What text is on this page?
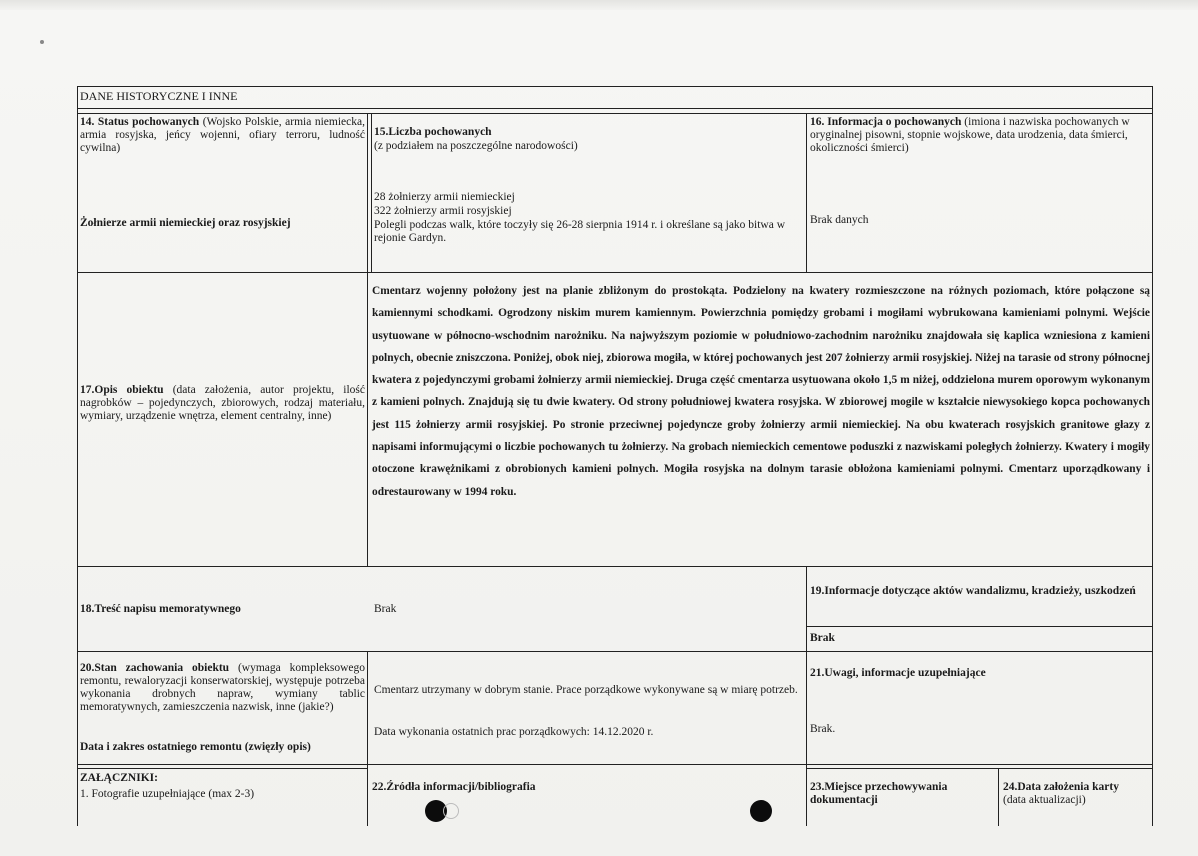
DANE HISTORYCZNE I INNE
14. Status pochowanych (Wojsko Polskie, armia niemiecka, armia rosyjska, jeńcy wojenni, ofiary terroru, ludność cywilna)
Żołnierze armii niemieckiej oraz rosyjskiej
15.Liczba pochowanych
(z podziałem na poszczególne narodowości)
28 żołnierzy armii niemieckiej
322 żołnierzy armii rosyjskiej
Polegli podczas walk, które toczyły się 26-28 sierpnia 1914 r. i określane są jako bitwa w rejonie Gardyn.
16. Informacja o pochowanych (imiona i nazwiska pochowanych w oryginalnej pisowni, stopnie wojskowe, data urodzenia, data śmierci, okoliczności śmierci)
Brak danych
17.Opis obiektu (data założenia, autor projektu, ilość nagrobków – pojedynczych, zbiorowych, rodzaj materiału, wymiary, urządzenie wnętrza, element centralny, inne)
Cmentarz wojenny położony jest na planie zbliżonym do prostokąta. Podzielony na kwatery rozmieszczone na różnych poziomach, które połączone są kamiennymi schodkami. Ogrodzony niskim murem kamiennym. Powierzchnia pomiędzy grobami i mogiłami wybrukowana kamieniami polnymi. Wejście usytuowane w północno-wschodnim narożniku. Na najwyższym poziomie w południowo-zachodnim narożniku znajdowała się kaplica wzniesiona z kamieni polnych, obecnie zniszczona. Poniżej, obok niej, zbiorowa mogiła, w której pochowanych jest 207 żołnierzy armii rosyjskiej. Niżej na tarasie od strony północnej kwatera z pojedynczymi grobami żołnierzy armii niemieckiej. Druga część cmentarza usytuowana około 1,5 m niżej, oddzielona murem oporowym wykonanym z kamieni polnych. Znajdują się tu dwie kwatery. Od strony południowej kwatera rosyjska. W zbiorowej mogile w kształcie niewysokiego kopca pochowanych jest 115 żołnierzy armii rosyjskiej. Po stronie przeciwnej pojedyncze groby żołnierzy armii niemieckiej. Na obu kwaterach rosyjskich granitowe głazy z napisami informującymi o liczbie pochowanych tu żołnierzy. Na grobach niemieckich cementowe poduszki z nazwiskami poległych żołnierzy. Kwatery i mogiły otoczone krawężnikami z obrobionych kamieni polnych. Mogiła rosyjska na dolnym tarasie obłożona kamieniami polnymi. Cmentarz uporządkowany i odrestaurowany w 1994 roku.
18.Treść napisu memoratywnego	Brak
19.Informacje dotyczące aktów wandalizmu, kradzieży, uszkodzeń
Brak
20.Stan zachowania obiektu (wymaga kompleksowego remontu, rewaloryzacji konserwatorskiej, występuje potrzeba wykonania drobnych napraw, wymiany tablic memoratywnych, zamieszczenia nazwisk, inne (jakie?)
Data i zakres ostatniego remontu (zwięzły opis)
Cmentarz utrzymany w dobrym stanie. Prace porządkowe wykonywane są w miarę potrzeb.
Data wykonania ostatnich prac porządkowych: 14.12.2020 r.
21.Uwagi, informacje uzupełniające
Brak.
ZAŁĄCZNIKI:
1. Fotografie uzupełniające (max 2-3)
22.Źródła informacji/bibliografia	23.Miejsce przechowywania dokumentacji
24.Data założenia karty
(data aktualizacji)
